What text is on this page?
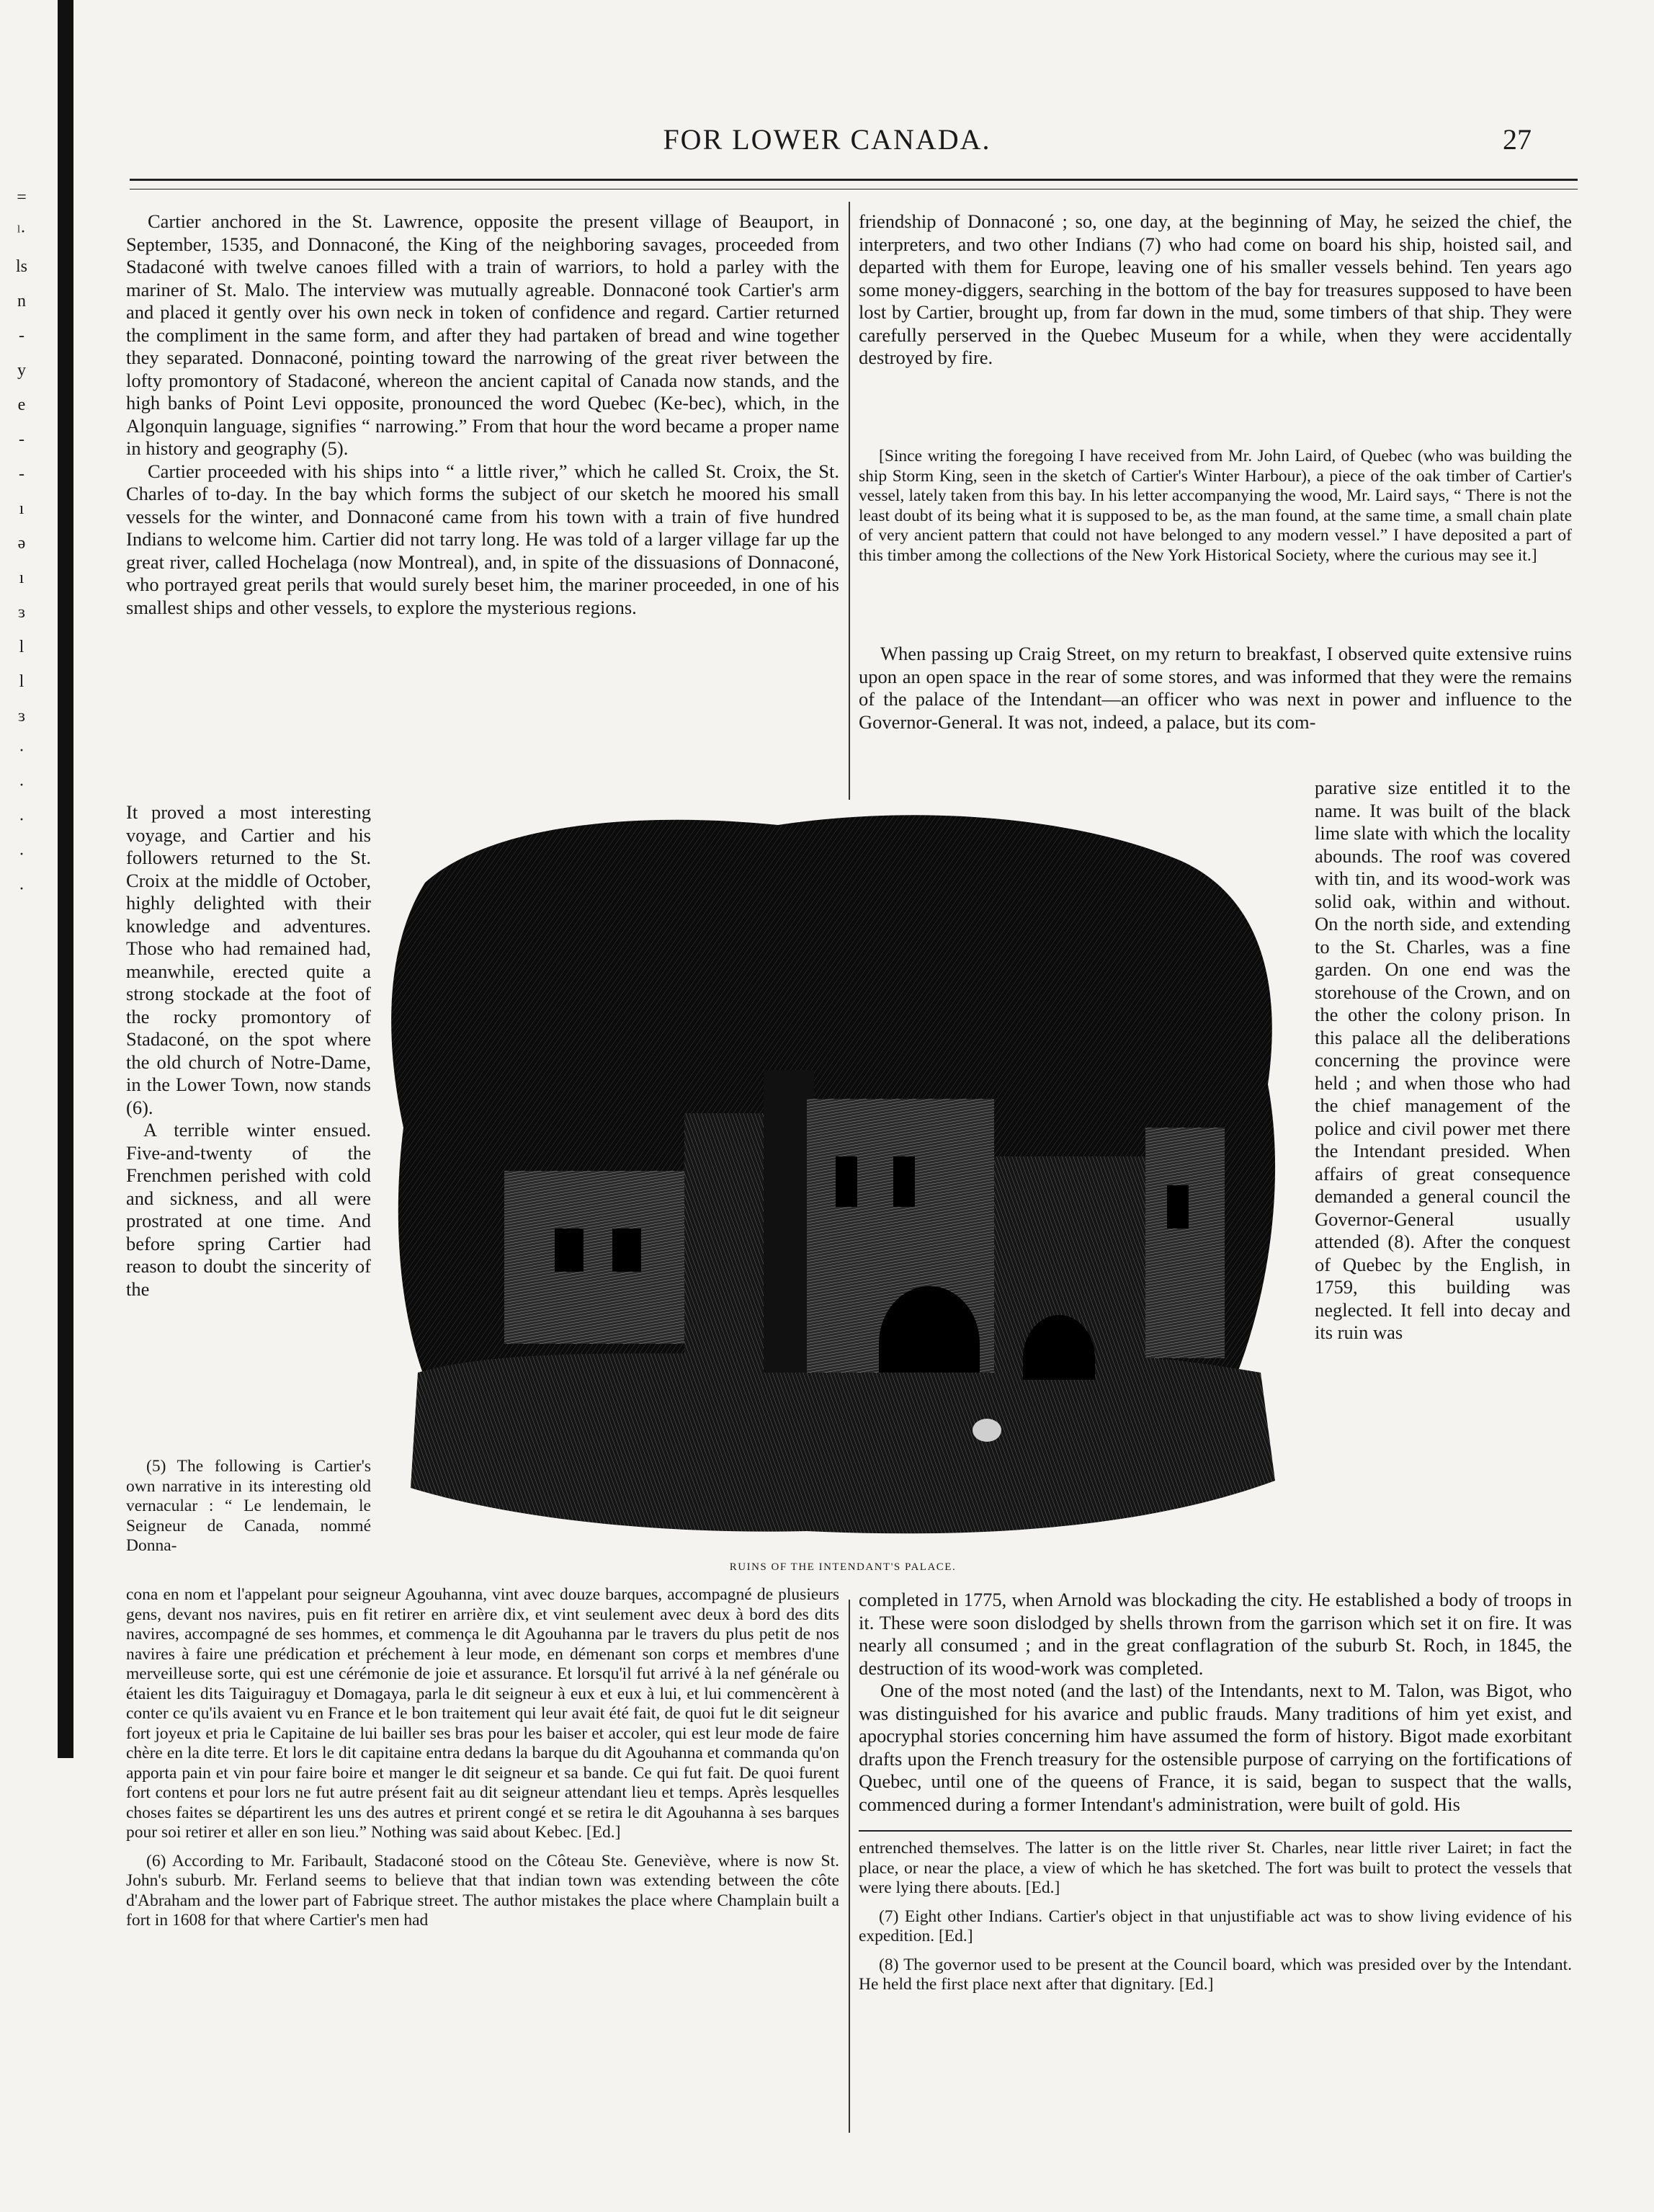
=
ˡ·
ls
n
-
y
e
-
-
ı
ə
ı
ɜ
l
l
ɜ
·
·
·
·
·
FOR LOWER CANADA.	27

Cartier anchored in the St. Lawrence, opposite the present village of Beauport, in September, 1535, and Donnaconé, the King of the neighboring savages, proceeded from Stadaconé with twelve canoes filled with a train of warriors, to hold a parley with the mariner of St. Malo. The interview was mutually agreable. Donnaconé took Cartier's arm and placed it gently over his own neck in token of confidence and regard. Cartier returned the compliment in the same form, and after they had partaken of bread and wine together they separated. Donnaconé, pointing toward the narrowing of the great river between the lofty promontory of Stadaconé, whereon the ancient capital of Canada now stands, and the high banks of Point Levi opposite, pronounced the word Quebec (Ke-bec), which, in the Algonquin language, signifies “ narrowing.” From that hour the word became a proper name in history and geography (5).

Cartier proceeded with his ships into “ a little river,” which he called St. Croix, the St. Charles of to-day. In the bay which forms the subject of our sketch he moored his small vessels for the winter, and Donnaconé came from his town with a train of five hundred Indians to welcome him. Cartier did not tarry long. He was told of a larger village far up the great river, called Hochelaga (now Montreal), and, in spite of the dissuasions of Donnaconé, who portrayed great perils that would surely beset him, the mariner proceeded, in one of his smallest ships and other vessels, to explore the mysterious regions.

It proved a most interesting voyage, and Cartier and his followers returned to the St. Croix at the middle of October, highly delighted with their knowledge and adventures. Those who had remained had, meanwhile, erected quite a strong stockade at the foot of the rocky promontory of Stadaconé, on the spot where the old church of Notre-Dame, in the Lower Town, now stands (6).

A terrible winter ensued. Five-and-twenty of the Frenchmen perished with cold and sickness, and all were prostrated at one time. And before spring Cartier had reason to doubt the sincerity of the

(5) The following is Cartier's own narrative in its interesting old vernacular : “ Le lendemain, le Seigneur de Canada, nommé Donna-

cona en nom et l'appelant pour seigneur Agouhanna, vint avec douze barques, accompagné de plusieurs gens, devant nos navires, puis en fit retirer en arrière dix, et vint seulement avec deux à bord des dits navires, accompagné de ses hommes, et commença le dit Agouhanna par le travers du plus petit de nos navires à faire une prédication et préchement à leur mode, en démenant son corps et membres d'une merveilleuse sorte, qui est une cérémonie de joie et assurance. Et lorsqu'il fut arrivé à la nef générale ou étaient les dits Taiguiraguy et Domagaya, parla le dit seigneur à eux et eux à lui, et lui commencèrent à conter ce qu'ils avaient vu en France et le bon traitement qui leur avait été fait, de quoi fut le dit seigneur fort joyeux et pria le Capitaine de lui bailler ses bras pour les baiser et accoler, qui est leur mode de faire chère en la dite terre. Et lors le dit capitaine entra dedans la barque du dit Agouhanna et commanda qu'on apporta pain et vin pour faire boire et manger le dit seigneur et sa bande. Ce qui fut fait. De quoi furent fort contens et pour lors ne fut autre présent fait au dit seigneur attendant lieu et temps. Après lesquelles choses faites se départirent les uns des autres et prirent congé et se retira le dit Agouhanna à ses barques pour soi retirer et aller en son lieu.” Nothing was said about Kebec. [Ed.]

(6) According to Mr. Faribault, Stadaconé stood on the Côteau Ste. Geneviève, where is now St. John's suburb. Mr. Ferland seems to believe that that indian town was extending between the côte d'Abraham and the lower part of Fabrique street. The author mistakes the place where Champlain built a fort in 1608 for that where Cartier's men had

friendship of Donnaconé ; so, one day, at the beginning of May, he seized the chief, the interpreters, and two other Indians (7) who had come on board his ship, hoisted sail, and departed with them for Europe, leaving one of his smaller vessels behind. Ten years ago some money-diggers, searching in the bottom of the bay for treasures supposed to have been lost by Cartier, brought up, from far down in the mud, some timbers of that ship. They were carefully perserved in the Quebec Museum for a while, when they were accidentally destroyed by fire.

[Since writing the foregoing I have received from Mr. John Laird, of Quebec (who was building the ship Storm King, seen in the sketch of Cartier's Winter Harbour), a piece of the oak timber of Cartier's vessel, lately taken from this bay. In his letter accompanying the wood, Mr. Laird says, “ There is not the least doubt of its being what it is supposed to be, as the man found, at the same time, a small chain plate of very ancient pattern that could not have belonged to any modern vessel.” I have deposited a part of this timber among the collections of the New York Historical Society, where the curious may see it.]

When passing up Craig Street, on my return to breakfast, I observed quite extensive ruins upon an open space in the rear of some stores, and was informed that they were the remains of the palace of the Intendant—an officer who was next in power and influence to the Governor-General. It was not, indeed, a palace, but its com-

parative size entitled it to the name. It was built of the black lime slate with which the locality abounds. The roof was covered with tin, and its wood-work was solid oak, within and without. On the north side, and extending to the St. Charles, was a fine garden. On one end was the storehouse of the Crown, and on the other the colony prison. In this palace all the deliberations concerning the province were held ; and when those who had the chief management of the police and civil power met there the Intendant presided. When affairs of great consequence demanded a general council the Governor-General usually attended (8). After the conquest of Quebec by the English, in 1759, this building was neglected. It fell into decay and its ruin was

completed in 1775, when Arnold was blockading the city. He established a body of troops in it. These were soon dislodged by shells thrown from the garrison which set it on fire. It was nearly all consumed ; and in the great conflagration of the suburb St. Roch, in 1845, the destruction of its wood-work was completed.

One of the most noted (and the last) of the Intendants, next to M. Talon, was Bigot, who was distinguished for his avarice and public frauds. Many traditions of him yet exist, and apocryphal stories concerning him have assumed the form of history. Bigot made exorbitant drafts upon the French treasury for the ostensible purpose of carrying on the fortifications of Quebec, until one of the queens of France, it is said, began to suspect that the walls, commenced during a former Intendant's administration, were built of gold. His

entrenched themselves. The latter is on the little river St. Charles, near little river Lairet; in fact the place, or near the place, a view of which he has sketched. The fort was built to protect the vessels that were lying there abouts. [Ed.]

(7) Eight other Indians. Cartier's object in that unjustifiable act was to show living evidence of his expedition. [Ed.]

(8) The governor used to be present at the Council board, which was presided over by the Intendant. He held the first place next after that dignitary. [Ed.]

RUINS OF THE INTENDANT'S PALACE.
